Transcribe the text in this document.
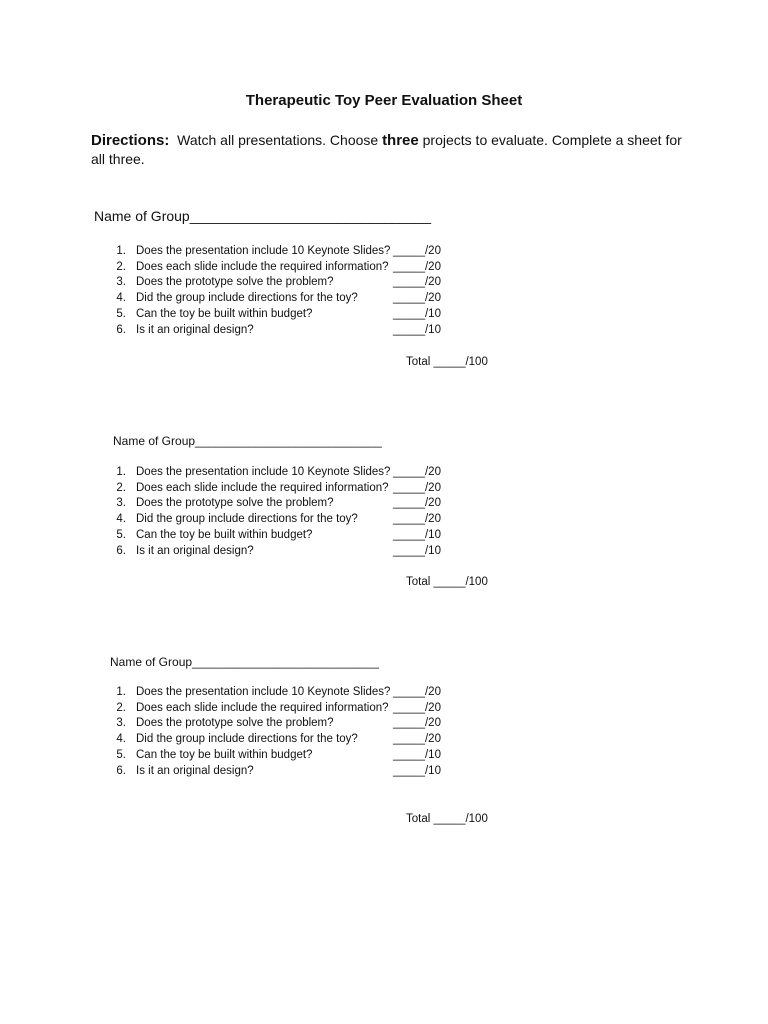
Therapeutic Toy Peer Evaluation Sheet
Directions: Watch all presentations. Choose three projects to evaluate. Complete a sheet for all three.
Name of Group_______________________________
1. Does the presentation include 10 Keynote Slides? _____/20
2. Does each slide include the required information? _____/20
3. Does the prototype solve the problem?	_____/20
4. Did the group include directions for the toy?	_____/20
5. Can the toy be built within budget?	_____/10
6. Is it an original design?	_____/10
Total _____/100
Name of Group____________________________
1. Does the presentation include 10 Keynote Slides? _____/20
2. Does each slide include the required information? _____/20
3. Does the prototype solve the problem?	_____/20
4. Did the group include directions for the toy?	_____/20
5. Can the toy be built within budget?	_____/10
6. Is it an original design?	_____/10
Total _____/100
Name of Group____________________________
1. Does the presentation include 10 Keynote Slides? _____/20
2. Does each slide include the required information? _____/20
3. Does the prototype solve the problem?	_____/20
4. Did the group include directions for the toy?	_____/20
5. Can the toy be built within budget?	_____/10
6. Is it an original design?	_____/10
Total _____/100
